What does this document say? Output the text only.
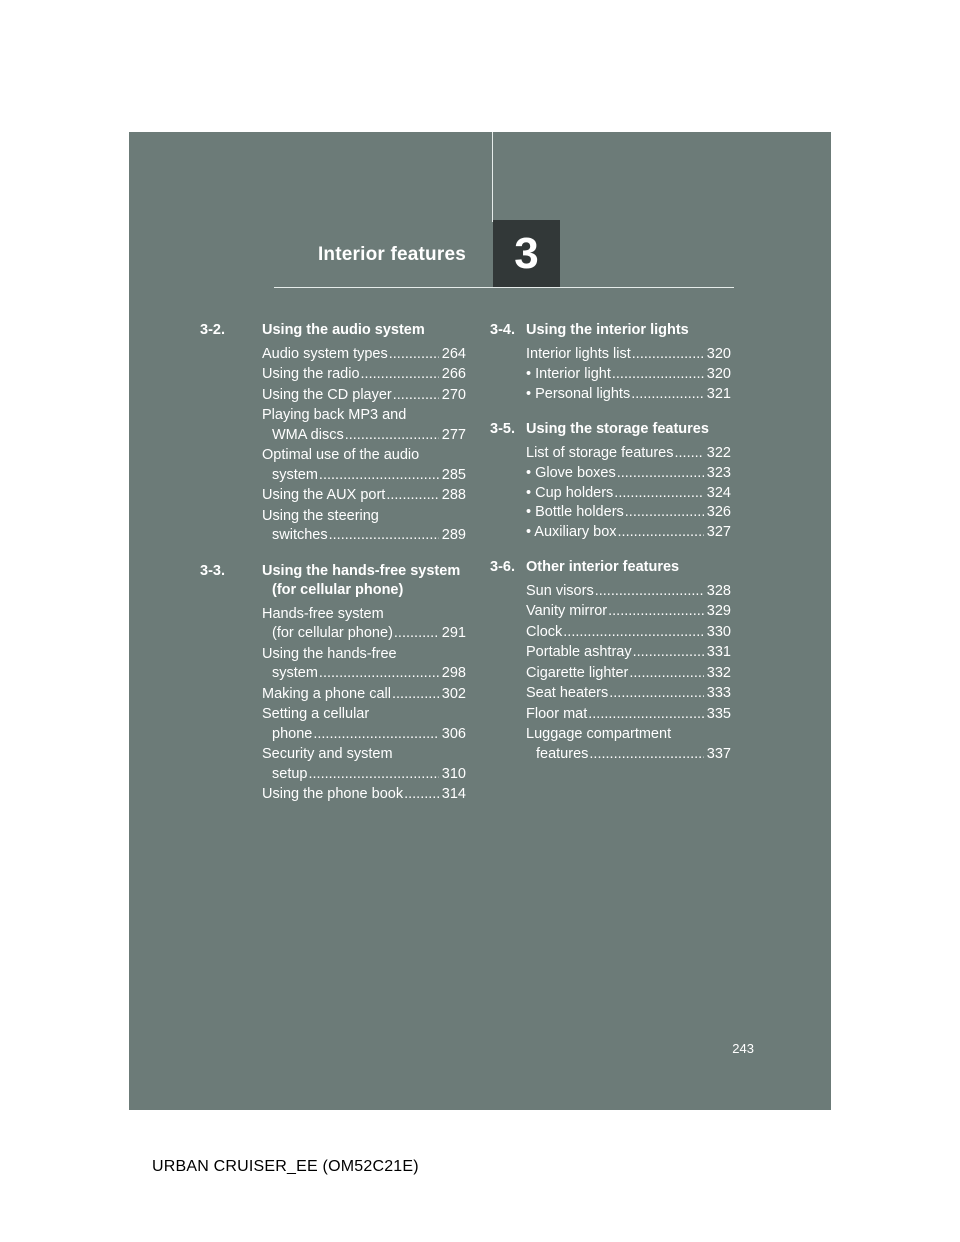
Interior features 3
3-2.	Using the audio system
Audio system types .....	264
Using the radio .....	266
Using the CD player .....	270
Playing back MP3 and
WMA discs .....	277
Optimal use of the audio
system .....	285
Using the AUX port .....	288
Using the steering
switches .....	289
3-3.	Using the hands-free system
(for cellular phone)
Hands-free system
(for cellular phone) .....	291
Using the hands-free
system .....	298
Making a phone call .....	302
Setting a cellular
phone .....	306
Security and system
setup .....	310
Using the phone book .....	314
3-4. Using the interior lights
Interior lights list .....	320
• Interior light .....	320
• Personal lights .....	321
3-5. Using the storage features
List of storage features ..... 322
• Glove boxes .....	323
• Cup holders .....	324
• Bottle holders .....	326
• Auxiliary box .....	327
3-6. Other interior features
Sun visors .....	328
Vanity mirror .....	329
Clock .....	330
Portable ashtray .....	331
Cigarette lighter .....	332
Seat heaters .....	333
Floor mat .....	335
Luggage compartment
features .....	337
243
URBAN CRUISER_EE (OM52C21E)
